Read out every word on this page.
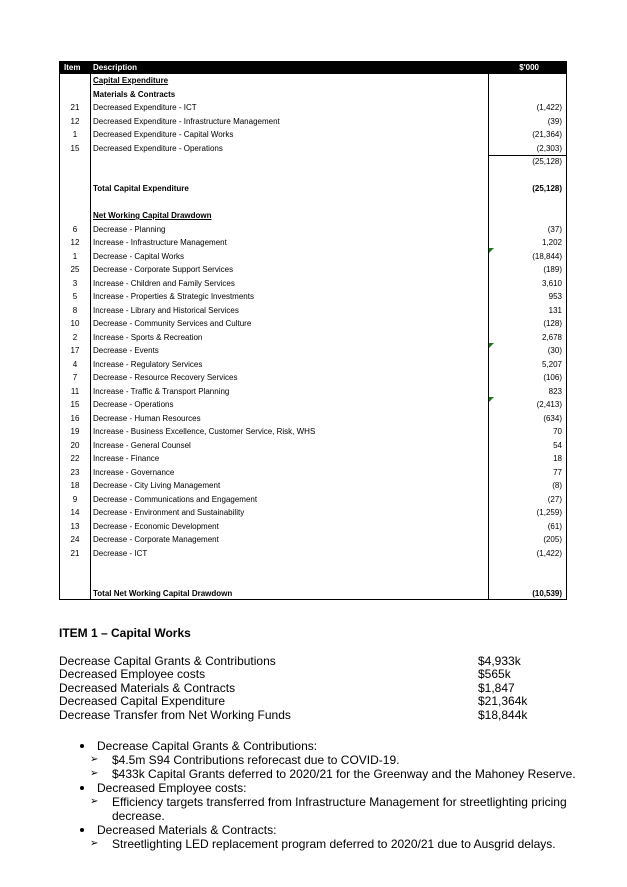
Item Description	$'000
Capital Expenditure
Materials & Contracts
21	Decreased Expenditure - ICT	(1,422)
12	Decreased Expenditure - Infrastructure Management	(39)
1	Decreased Expenditure - Capital Works	(21,364)
15	Decreased Expenditure - Operations	(2,303)
(25,128)
Total Capital Expenditure	(25,128)
Net Working Capital Drawdown
6	Decrease - Planning	(37)
12	Increase - Infrastructure Management	1,202
1	Decrease - Capital Works	(18,844)
25	Decrease - Corporate Support Services	(189)
3	Increase - Children and Family Services	3,610
5	Increase - Properties & Strategic Investments	953
8	Increase - Library and Historical Services	131
10	Decrease - Community Services and Culture	(128)
2	Increase - Sports & Recreation	2,678
17	Decrease - Events	(30)
4	Increase - Regulatory Services	5,207
7	Decrease - Resource Recovery Services	(106)
11	Increase - Traffic & Transport Planning	823
15	Decrease - Operations	(2,413)
16	Decrease - Human Resources	(634)
19	Increase - Business Excellence, Customer Service, Risk, WHS	70
20	Increase - General Counsel	54
22	Increase - Finance	18
23	Increase - Governance	77
18	Decrease - City Living Management	(8)
9	Decrease - Communications and Engagement	(27)
14	Decrease - Environment and Sustainability	(1,259)
13	Decrease - Economic Development	(61)
24	Decrease - Corporate Management	(205)
21	Decrease - ICT	(1,422)
Total Net Working Capital Drawdown	(10,539)
ITEM 1 – Capital Works
Decrease Capital Grants & Contributions	$4,933k
Decreased Employee costs	$565k
Decreased Materials & Contracts	$1,847
Decreased Capital Expenditure	$21,364k
Decrease Transfer from Net Working Funds	$18,844k
Decrease Capital Grants & Contributions:
➢ $4.5m S94 Contributions reforecast due to COVID-19.
➢ $433k Capital Grants deferred to 2020/21 for the Greenway and the Mahoney Reserve.
Decreased Employee costs:
➢ Efficiency targets transferred from Infrastructure Management for streetlighting pricing
decrease.
Decreased Materials & Contracts:
➢ Streetlighting LED replacement program deferred to 2020/21 due to Ausgrid delays.
